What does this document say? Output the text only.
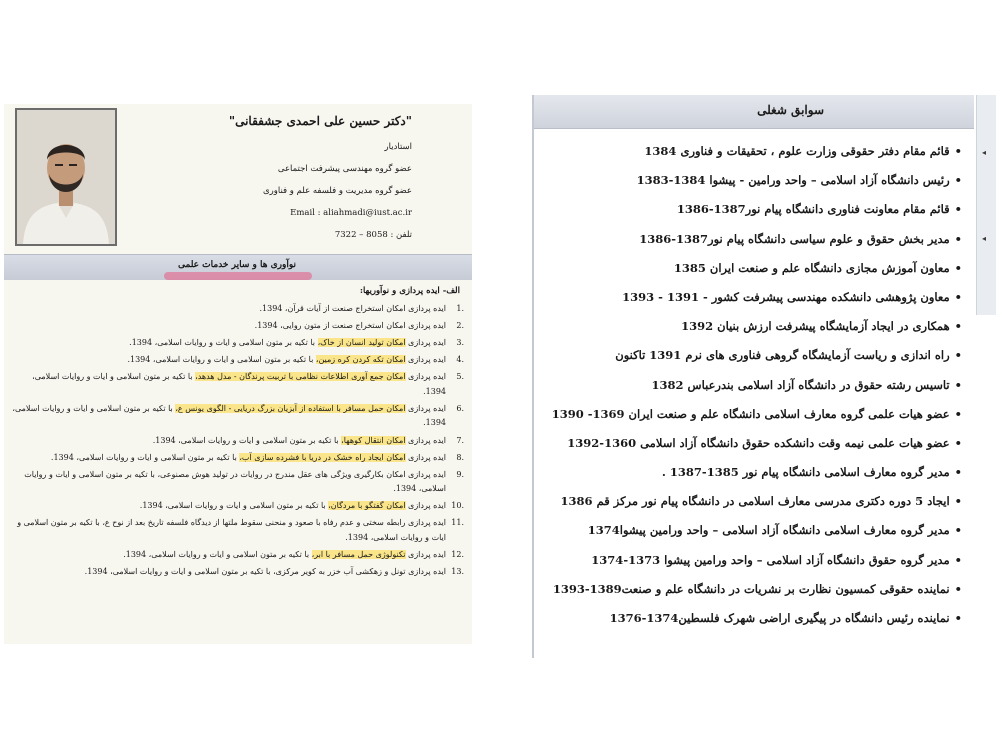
"دکتر حسین علی احمدی جشفقانی"
استادیار
عضو گروه مهندسی پیشرفت اجتماعی
عضو گروه مدیریت و فلسفه علم و فناوری
Email : aliahmadi@iust.ac.ir
تلفن : 8058 – 7322
نوآوری ها و سایر خدمات علمی
الف- ایده پردازی و نوآوریها:
1.
ایده پردازی امکان استخراج صنعت از آیات قرآن، 1394.
2.
ایده پردازی امکان استخراج صنعت از متون روایی، 1394.
3.
ایده پردازی امکان تولید انسان از خاک، با تکیه بر متون اسلامی و ایات و روایات اسلامی، 1394.
4.
ایده پردازی امکان تکه کردن کره زمین، با تکیه بر متون اسلامی و ایات و روایات اسلامی، 1394.
5.
ایده پردازی امکان جمع آوری اطلاعات نظامی با تربیت پرندگان - مدل هدهد، با تکیه بر متون اسلامی و ایات و روایات اسلامی، 1394.
6.
ایده پردازی امکان حمل مسافر با استفاده از آبزیان بزرگ دریایی - الگوی یونس ع، با تکیه بر متون اسلامی و ایات و روایات اسلامی، 1394.
7.
ایده پردازی امکان انتقال کوهها، با تکیه بر متون اسلامی و ایات و روایات اسلامی، 1394.
8.
ایده پردازی امکان ایجاد راه خشک در دریا با فشرده سازی آب، با تکیه بر متون اسلامی و ایات و روایات اسلامی، 1394.
9.
ایده پردازی امکان بکارگیری ویژگی های عقل مندرج در روایات در تولید هوش مصنوعی، با تکیه بر متون اسلامی و ایات و روایات اسلامی، 1394.
10.
ایده پردازی امکان گفتگو با مردگان، با تکیه بر متون اسلامی و ایات و روایات اسلامی، 1394.
11.
ایده پردازی رابطه سختی و عدم رفاه با صعود و منحنی سقوط ملتها از دیدگاه فلسفه تاریخ بعد از نوح ع، با تکیه بر متون اسلامی و ایات و روایات اسلامی، 1394.
12.
ایده پردازی تکنولوژی حمل مسافر با ابر، با تکیه بر متون اسلامی و ایات و روایات اسلامی، 1394.
13.
ایده پردازی تونل و زهکشی آب خزر به کویر مرکزی، با تکیه بر متون اسلامی و ایات و روایات اسلامی، 1394.
سوابق شغلی
• قائم مقام دفتر حقوقی وزارت علوم ، تحقیقات و فناوری 1384
• رئیس دانشگاه آزاد اسلامی – واحد ورامین - پیشوا 1384-1383
• قائم مقام معاونت فناوری دانشگاه پیام نور1387-1386
• مدیر بخش حقوق و علوم سیاسی دانشگاه پیام نور1387-1386
• معاون آموزش مجازی دانشگاه علم و صنعت ایران 1385
• معاون پژوهشی دانشکده مهندسی پیشرفت کشور - 1391 - 1393
• همکاری در ایجاد آزمایشگاه پیشرفت ارزش بنیان 1392
• راه اندازی و ریاست آزمایشگاه گروهی فناوری های نرم 1391 تاکنون
• تاسیس رشته حقوق در دانشگاه آزاد اسلامی بندرعباس 1382
• عضو هیات علمی گروه معارف اسلامی دانشگاه علم و صنعت ایران 1369- 1390
• عضو هیات علمی نیمه وقت دانشکده حقوق دانشگاه آزاد اسلامی 1360-1392
• مدیر گروه معارف اسلامی دانشگاه پیام نور 1385-1387 .
• ایجاد 5 دوره دکتری مدرسی معارف اسلامی در دانشگاه پیام نور مرکز قم 1386
• مدیر گروه معارف اسلامی دانشگاه آزاد اسلامی – واحد ورامین پیشوا1374
• مدیر گروه حقوق دانشگاه آزاد اسلامی – واحد ورامین پیشوا 1373-1374
• نماینده حقوقی کمسیون نظارت بر نشریات در دانشگاه علم و صنعت1389-1393
• نماینده رئیس دانشگاه در پیگیری اراضی شهرک فلسطین1374-1376
◂
◂
